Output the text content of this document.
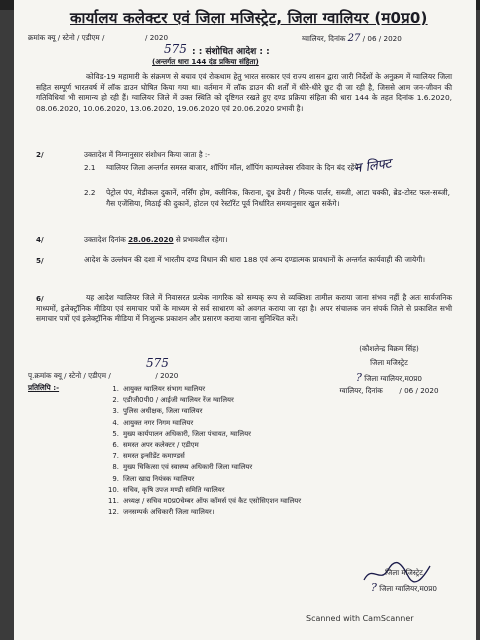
कार्यालय कलेक्टर एवं जिला मजिस्ट्रेट, जिला ग्वालियर (म0प्र0)
क्रमांक क्यू / स्टेनो / एडीएम /	/ 2020	ग्वालियर, दिनांक 27 / 06 / 2020
575 : : संशोधित आदेश : :
(अन्तर्गत धारा 144 दंड प्रकिया संहिता)
कोविड-19 महामारी के संक्रमण से बचाव एवं रोकथाम हेतु भारत सरकार एवं राज्य शासन द्वारा जारी निर्देशों के अनुक्रम में ग्वालियर जिला सहित सम्पूर्ण भारतवर्ष में लॉक डाउन घोषित किया गया था। वर्तमान में लॉक डाउन की शर्तों में धीरे-धीरे छूट दी जा रही है, जिससे आम जन-जीवन की गतिविधियां भी सामान्य हो रही हैं। ग्वालियर जिले में उक्त स्थिति को दृष्टिगत रखते हुए दण्ड प्रक्रिया संहिता की धारा 144 के तहत दिनांक 1.6.2020, 08.06.2020, 10.06.2020, 13.06.2020, 19.06.2020 एवं 20.06.2020 प्रभावी है।
2/	उक्तादेश में निम्नानुसार संशोधन किया जाता है :-
2.1 ग्वालियर जिला अन्तर्गत समस्त बाजार, शॉपिंग मॉल, शॉपिंग काम्पलेक्स रविवार के दिन बंद रहेंगे।
न लिफ्ट
2.2 पेट्रोल पंप, मेडीकल दुकानें, नर्सिंग होम, क्लीनिक, किराना, दूध डेयरी / मिल्क पार्लर, सब्जी, आटा चक्की, ब्रेड-टोस्ट फल-सब्जी, गैस एजेंसिया, मिठाई की दुकानें, होटल एवं रेस्टॉरेंट पूर्व निर्धारित समयानुसार खुल सकेंगे।
4/	उक्तादेश दिनांक 28.06.2020 से प्रभावशील रहेगा।
5/	आदेश के उल्लंघन की दशा में भारतीय दण्ड विधान की धारा 188 एवं अन्य दण्डात्मक प्रावधानों के अन्तर्गत कार्यवाही की जायेगी।
6/	यह आदेश ग्वालियर जिले में निवासरत प्रत्येक नागरिक को सम्यक् रूप से व्यक्तिशः तामील कराया जाना संभव नहीं है अतः सार्वजनिक माध्यमों, इलेक्ट्रॉनिक मीडिया एवं समाचार पत्रों के माध्यम से सर्व साधारण को अवगत कराया जा रहा है। अपर संचालक जन संपर्क जिले से प्रकाशित सभी समाचार पत्रों एवं इलेक्ट्रॉनिक मीडिया में निःशुल्क प्रकाशन और प्रसारण कराया जाना सुनिश्चित करें।
(कौशलेन्द्र विक्रम सिंह)
जिला मजिस्ट्रेट
? जिला ग्वालियर,म0प्र0
ग्वालियर, दिनांक / 06 / 2020
575
पृ.क्रमांक क्यू / स्टेनो / एडीएम /	/ 2020
प्रतिलिपि :-	1. आयुक्त ग्वालियर संभाग ग्वालियर
2. एडीजी0पी0 / आईजी ग्वालियर रेंज ग्वालियर
3. पुलिस अधीक्षक, जिला ग्वालियर
4. आयुक्त नगर निगम ग्वालियर
5. मुख्य कार्यपालन अधिकारी, जिला पंचायत, ग्वालियर
6. समस्त अपर कलेक्टर / एडीएम
7. समस्त इन्सीडेंट कमाण्डर्स
8. मुख्य चिकित्सा एवं स्वास्थ्य अधिकारी जिला ग्वालियर
9. जिला खाद्य नियंत्रक ग्वालियर
10. सचिव, कृषि उपज मण्डी समिति ग्वालियर
11. अध्यक्ष / सचिव म0प्र0चेम्बर ऑफ कॉमर्स एवं कैट एसोसिएशन ग्वालियर
12. जनसम्पर्क अधिकारी जिला ग्वालियर।
जिला मजिस्ट्रेट
? जिला ग्वालियर,म0प्र0
Scanned with CamScanner
